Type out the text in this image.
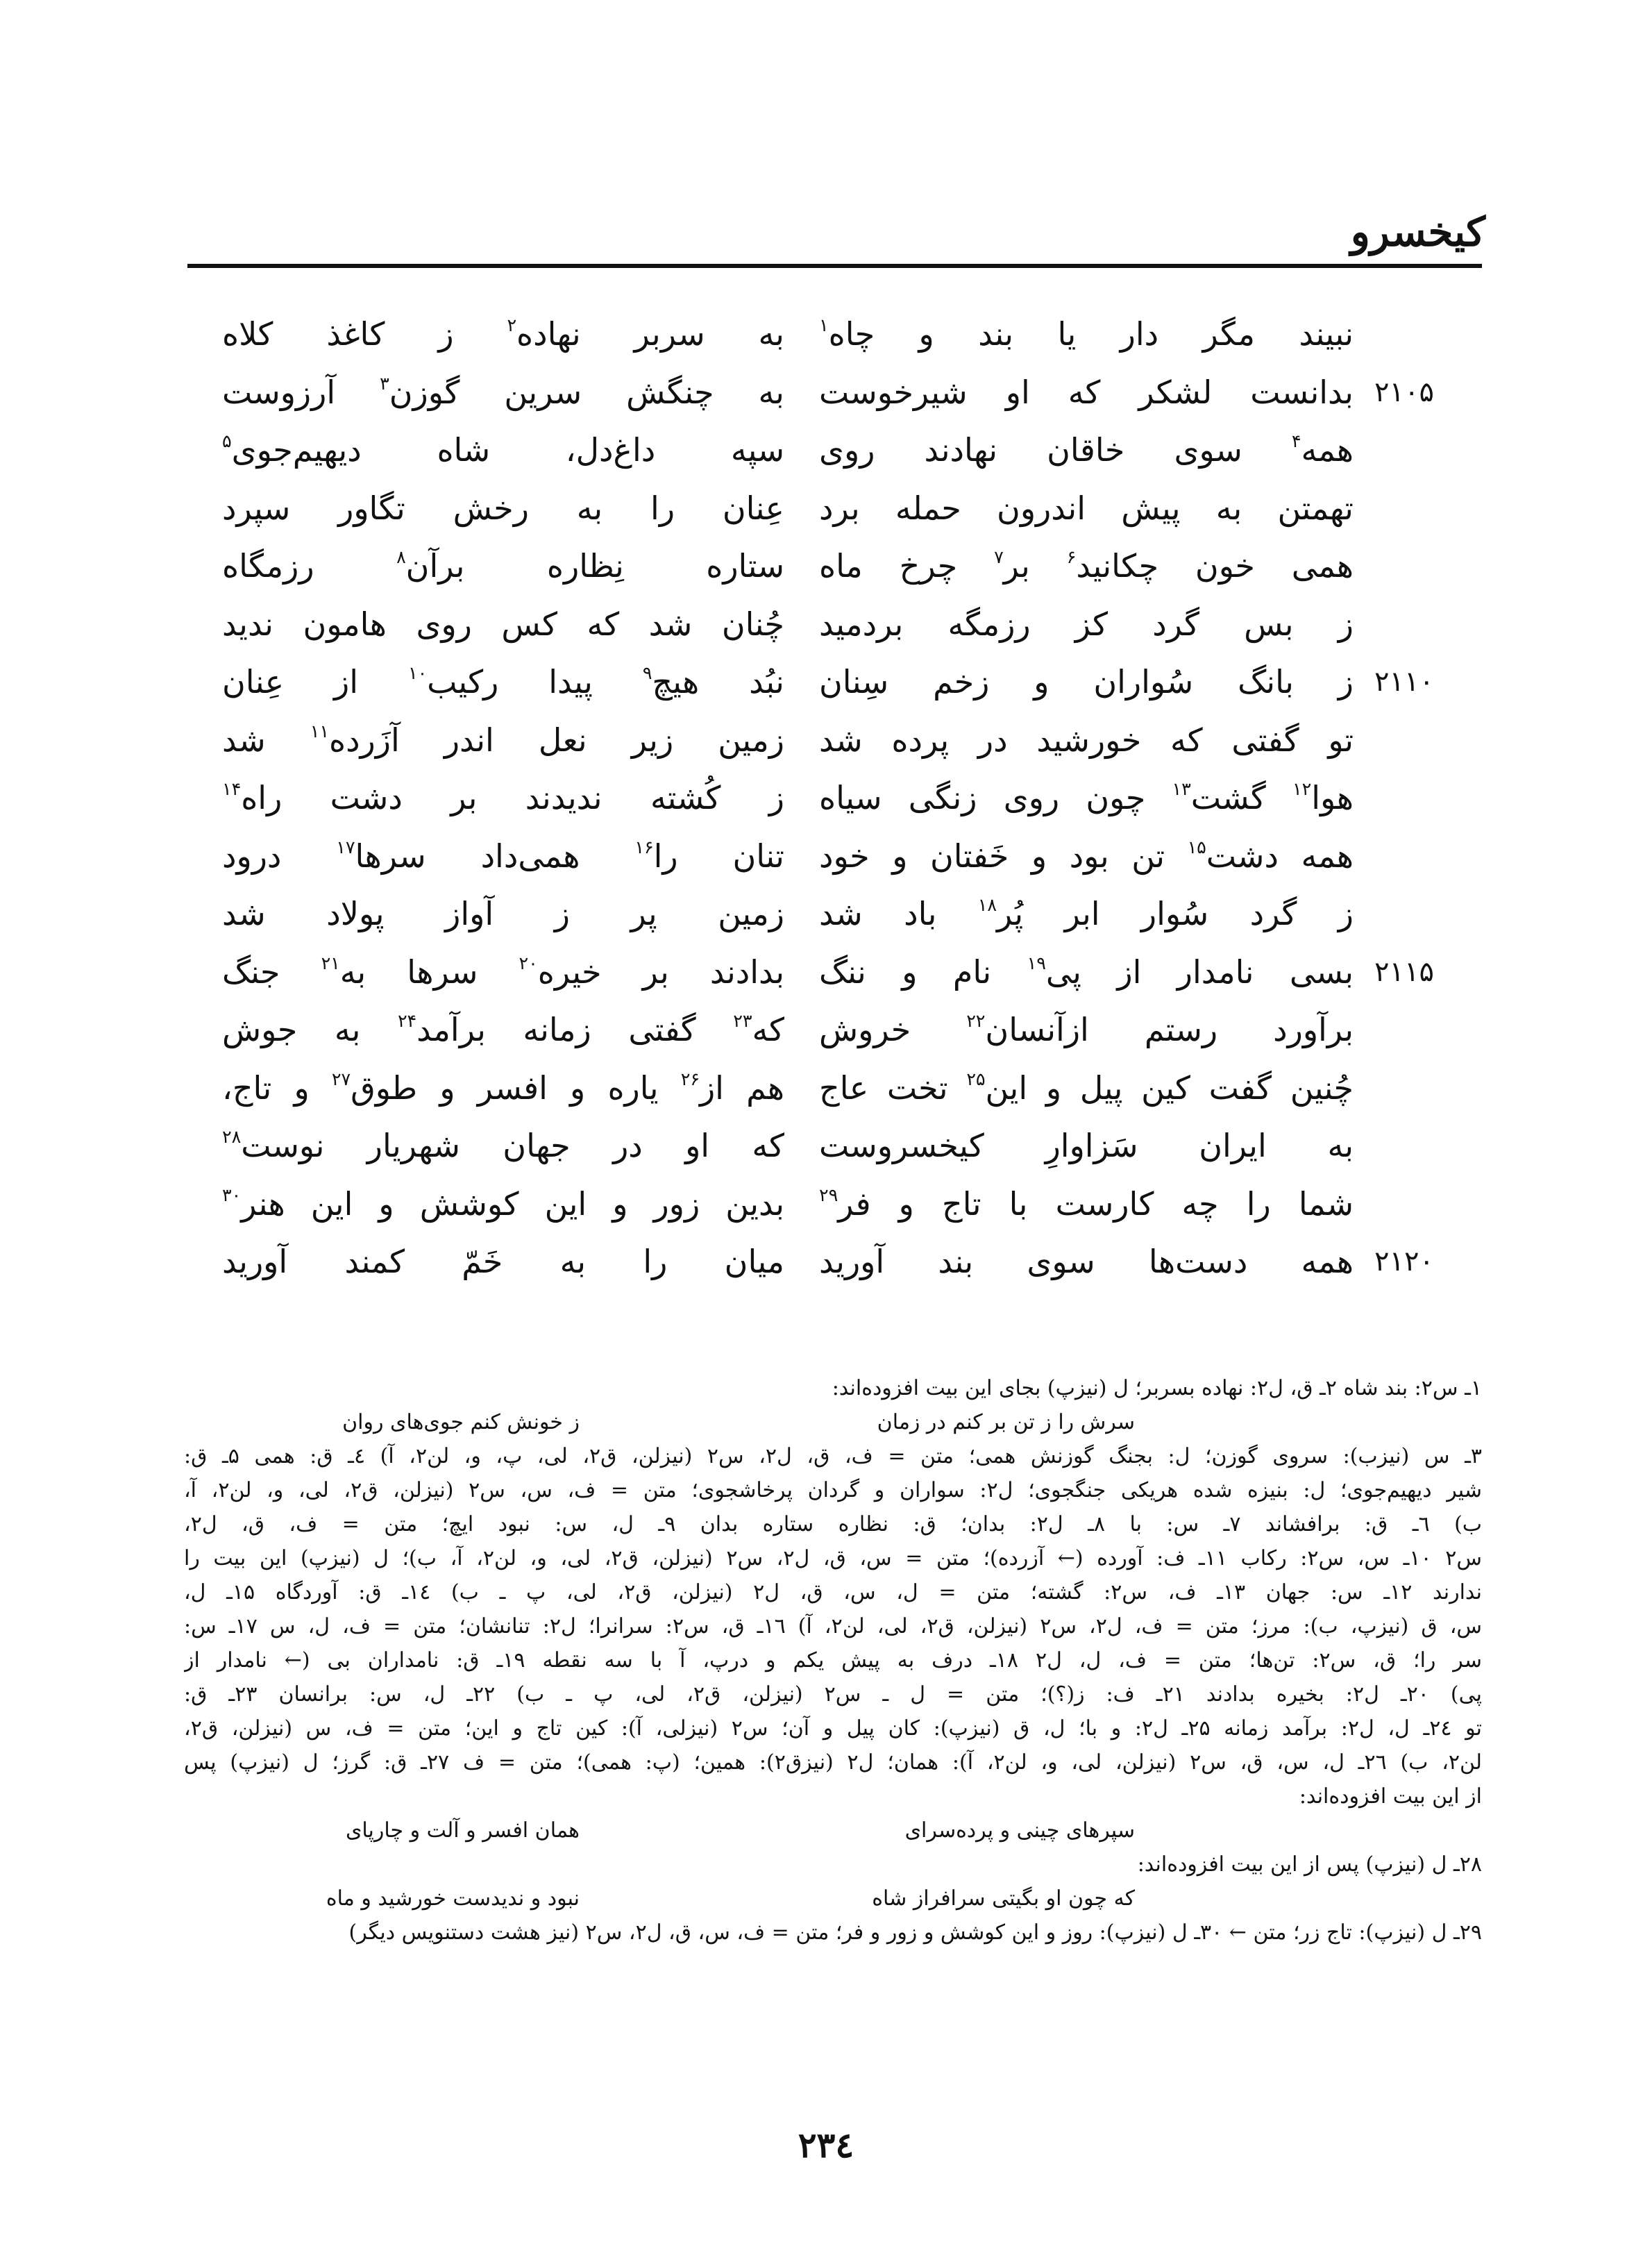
کیخسرو
نبیند مگر دار یا بند و چاه$^۱$
به سربر نهاده$^۲$ ز کاغذ کلاه
۲۱۰۵
بدانست لشکر که او شیرخوست
به چنگش سرین گوزن$^۳$ آرزوست
همه$^۴$ سوی خاقان نهادند روی
سپه داغ‌دل، شاه دیهیم‌جوی$^۵$
تهمتن به پیش اندرون حمله برد
عِنان را به رخش تگاور سپرد
همی خون چکانید$^۶$ بر$^۷$ چرخ ماه
ستاره نِظاره برآن$^۸$ رزمگاه
ز بس گرد کز رزمگه بردمید
چُنان شد که کس روی هامون ندید
۲۱۱۰
ز بانگ سُواران و زخم سِنان
نبُد هیچ$^۹$ پیدا رکیب$^{۱۰}$ از عِنان
تو گفتی که خورشید در پرده شد
زمین زیر نعل اندر آزَرده$^{۱۱}$ شد
هوا$^{۱۲}$ گشت$^{۱۳}$ چون روی زنگی سیاه
ز کُشته ندیدند بر دشت راه$^{۱۴}$
همه دشت$^{۱۵}$ تن بود و خَفتان و خود
تنان را$^{۱۶}$ همی‌داد سرها$^{۱۷}$ درود
ز گرد سُوار ابر پُر$^{۱۸}$ باد شد
زمین پر ز آواز پولاد شد
۲۱۱۵
بسی نامدار از پی$^{۱۹}$ نام و ننگ
بدادند بر خیره$^{۲۰}$ سرها به$^{۲۱}$ جنگ
برآورد رستم ازآنسان$^{۲۲}$ خروش
که$^{۲۳}$ گفتی زمانه برآمد$^{۲۴}$ به جوش
چُنین گفت کین پیل و این$^{۲۵}$ تخت عاج
هم از$^{۲۶}$ یاره و افسر و طوق$^{۲۷}$ و تاج،
به ایران سَزاوارِ کیخسروست
که او در جهان شهریار نوست$^{۲۸}$
شما را چه کارست با تاج و فر$^{۲۹}$
بدین زور و این کوشش و این هنر$^{۳۰}$
۲۱۲۰
همه دست‌ها سوی بند آورید
میان را به خَمّ کمند آورید
۱ـ س۲: بند شاه ۲ـ ق، ل۲: نهاده بسربر؛ ل (نیزپ) بجای این بیت افزوده‌اند:
سرش را ز تن بر کنم در زمان
ز خونش کنم جوی‌های روان
۳ـ س (نیزب): سروی گوزن؛ ل: بجنگ گوزنش همی؛ متن = ف، ق، ل۲، س۲ (نیزلن، ق۲، لی، پ، و، لن۲، آ) ٤ـ ق: همی ۵ـ ق:
شیر دیهیم‌جوی؛ ل: بنیزه شده هریکی جنگجوی؛ ل۲: سواران و گردان پرخاشجوی؛ متن = ف، س، س۲ (نیزلن، ق۲، لی، و، لن۲، آ،
ب) ٦ـ ق: برافشاند ۷ـ س: با ۸ـ ل۲: بدان؛ ق: نظاره ستاره بدان ۹ـ ل، س: نبود ایچ؛ متن = ف، ق، ل۲،
س۲ ۱۰ـ س، س۲: رکاب ۱۱ـ ف: آورده (← آزرده)؛ متن = س، ق، ل۲، س۲ (نیزلن، ق۲، لی، و، لن۲، آ، ب)؛ ل (نیزپ) این بیت را
ندارند ۱۲ـ س: جهان ۱۳ـ ف، س۲: گشته؛ متن = ل، س، ق، ل۲ (نیزلن، ق۲، لی، پ ـ ب) ۱٤ـ ق: آوردگاه ۱۵ـ ل،
س، ق (نیزپ، ب): مرز؛ متن = ف، ل۲، س۲ (نیزلن، ق۲، لی، لن۲، آ) ۱٦ـ ق، س۲: سرانرا؛ ل۲: تنانشان؛ متن = ف، ل، س ۱۷ـ س:
سر را؛ ق، س۲: تن‌ها؛ متن = ف، ل، ل۲ ۱۸ـ درف به پیش یکم و درپ، آ با سه نقطه ۱۹ـ ق: نامداران بی (← نامدار از
پی) ۲۰ـ ل۲: بخیره بدادند ۲۱ـ ف: ز(؟)؛ متن = ل ـ س۲ (نیزلن، ق۲، لی، پ ـ ب) ۲۲ـ ل، س: برانسان ۲۳ـ ق:
تو ۲٤ـ ل، ل۲: برآمد زمانه ۲۵ـ ل۲: و با؛ ل، ق (نیزپ): کان پیل و آن؛ س۲ (نیزلی، آ): کین تاج و این؛ متن = ف، س (نیزلن، ق۲،
لن۲، ب) ۲٦ـ ل، س، ق، س۲ (نیزلن، لی، و، لن۲، آ): همان؛ ل۲ (نیزق۲): همین؛ (پ: همی)؛ متن = ف ۲۷ـ ق: گرز؛ ل (نیزپ) پس
از این بیت افزوده‌اند:
سپرهای چینی و پرده‌سرای
همان افسر و آلت و چارپای
۲۸ـ ل (نیزپ) پس از این بیت افزوده‌اند:
که چون او بگیتی سرافراز شاه
نبود و ندیدست خورشید و ماه
۲۹ـ ل (نیزپ): تاج زر؛ متن ← ۳۰ـ ل (نیزپ): روز و این کوشش و زور و فر؛ متن = ف، س، ق، ل۲، س۲ (نیز هشت دستنویس دیگر)
۲۳٤
